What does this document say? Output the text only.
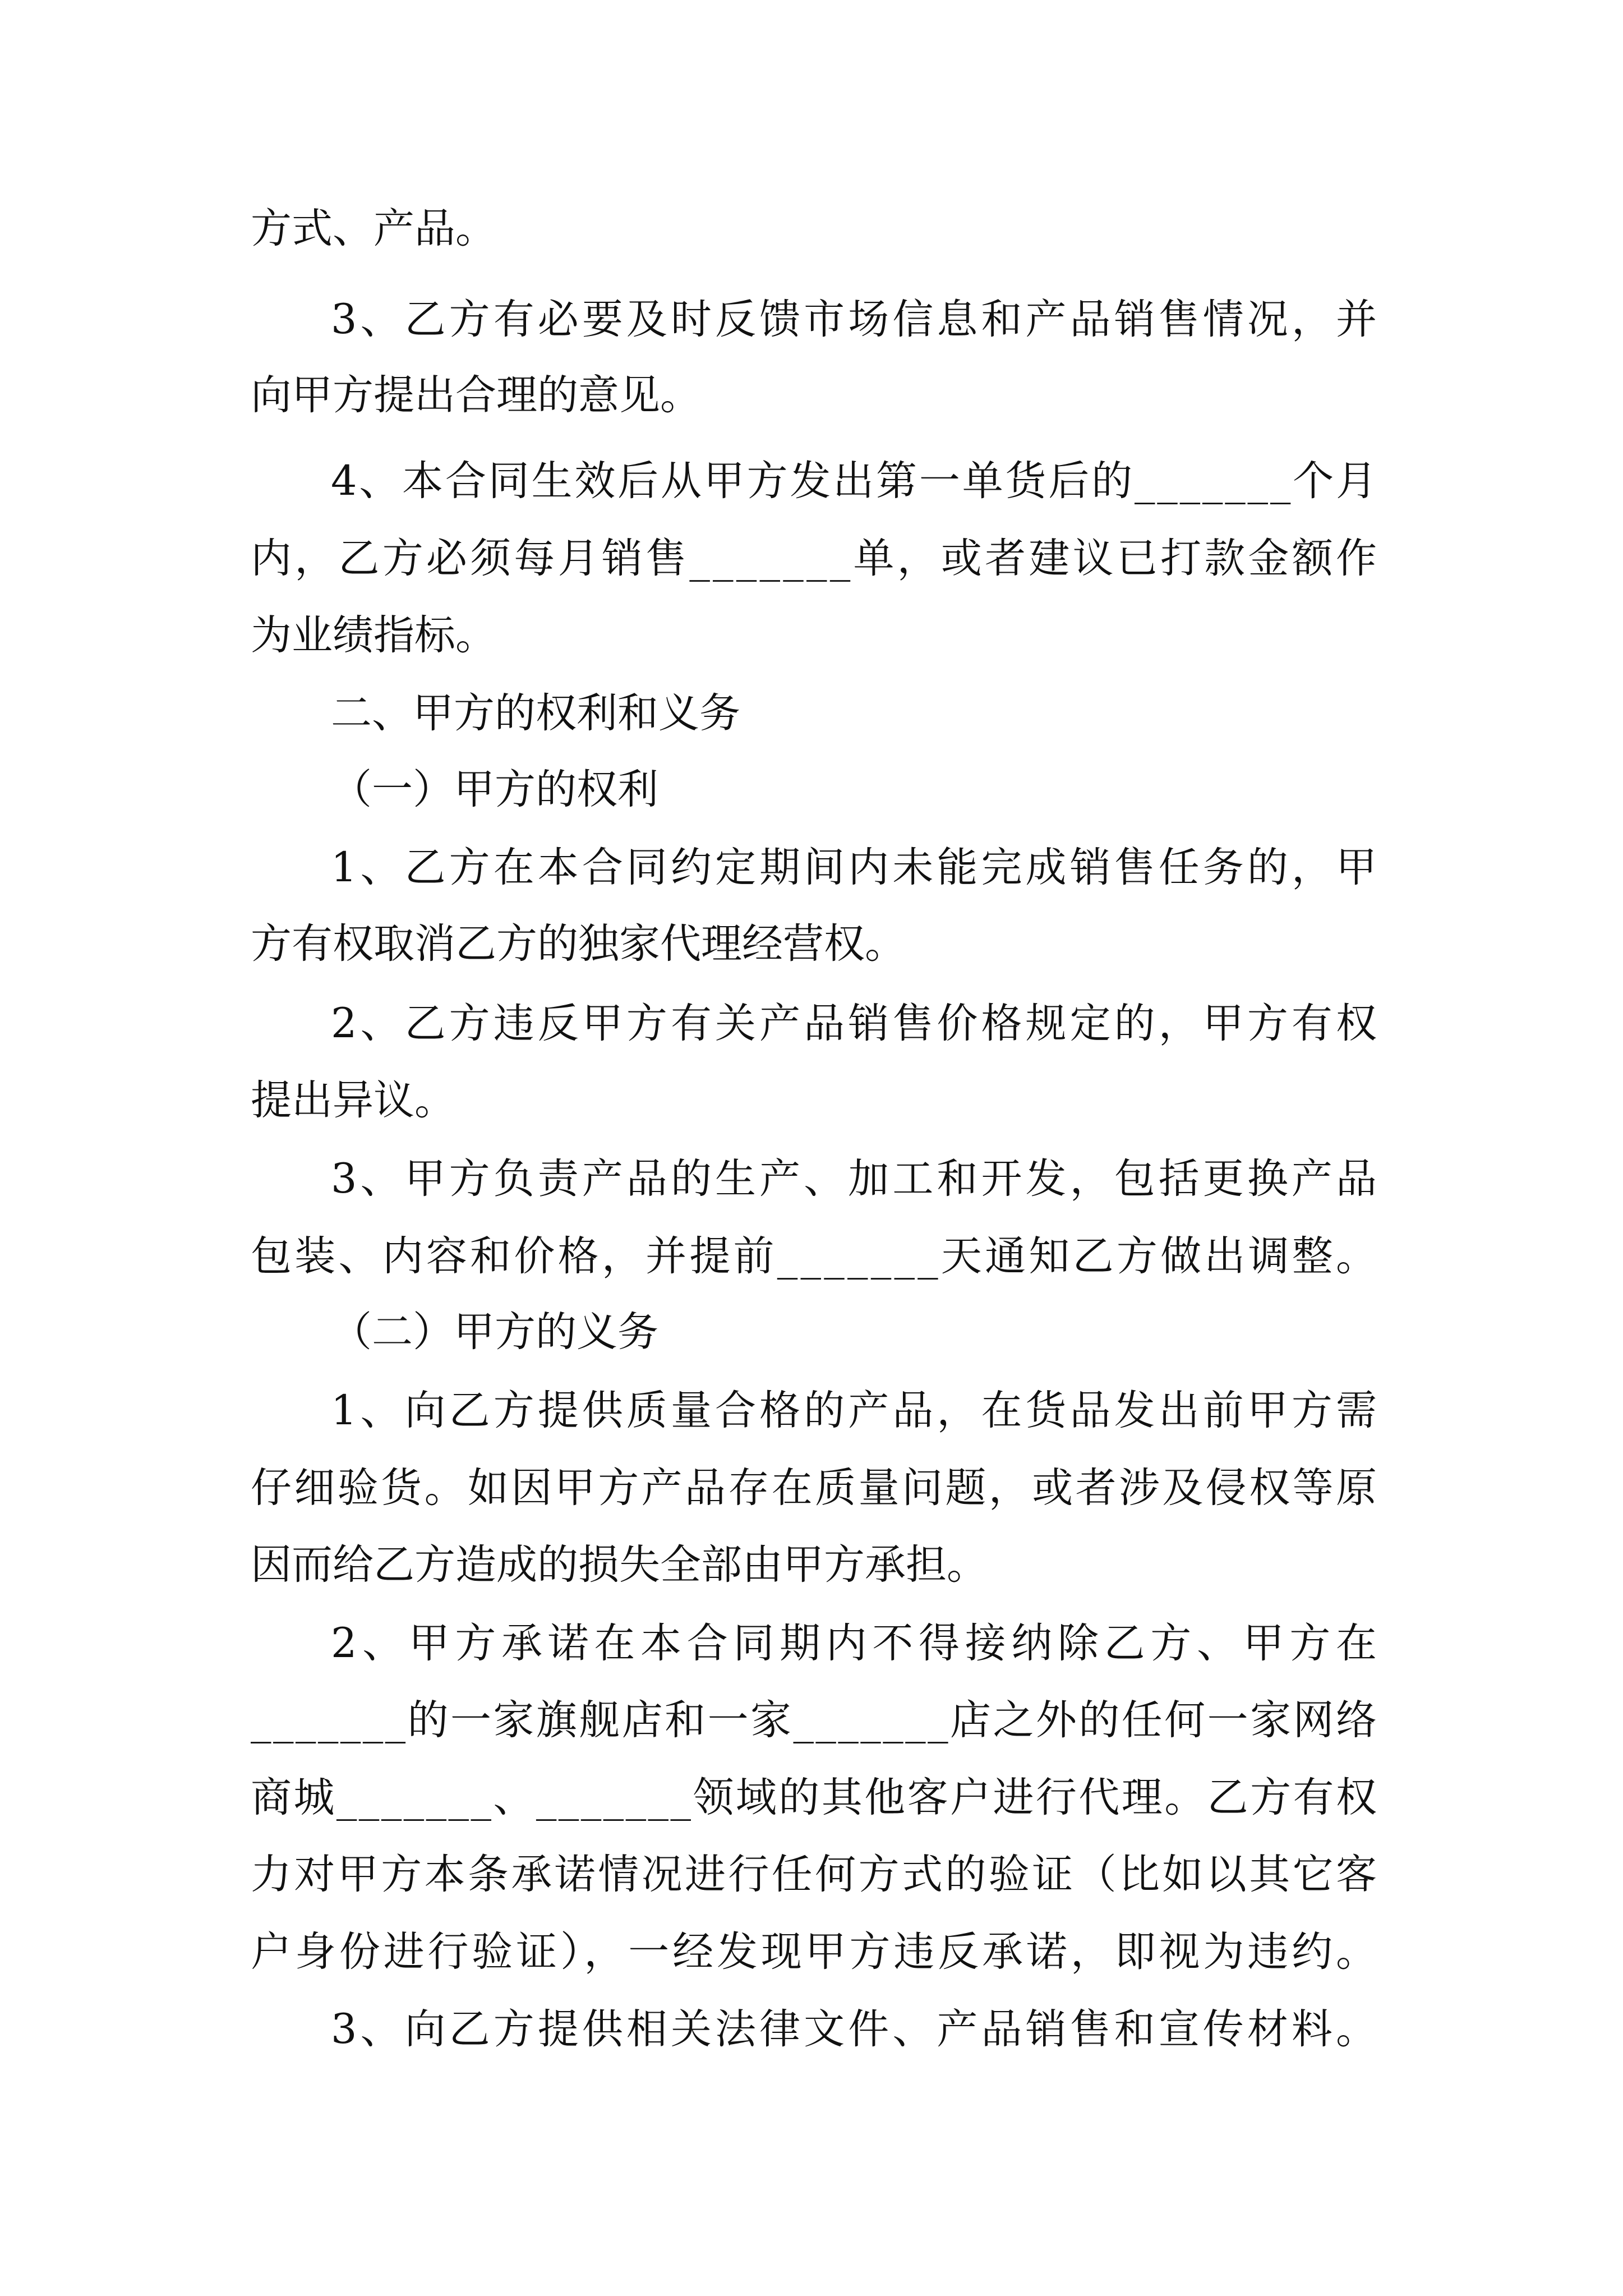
方式、产品。
3、乙方有必要及时反馈市场信息和产品销售情况，并
向甲方提出合理的意见。
4、本合同生效后从甲方发出第一单货后的_______个月
内，乙方必须每月销售_______单，或者建议已打款金额作
为业绩指标。
二、甲方的权利和义务
（一）甲方的权利
1、乙方在本合同约定期间内未能完成销售任务的，甲
方有权取消乙方的独家代理经营权。
2、乙方违反甲方有关产品销售价格规定的，甲方有权
提出异议。
3、甲方负责产品的生产、加工和开发，包括更换产品
包装、内容和价格，并提前_______天通知乙方做出调整。
（二）甲方的义务
1、向乙方提供质量合格的产品，在货品发出前甲方需
仔细验货。如因甲方产品存在质量问题，或者涉及侵权等原
因而给乙方造成的损失全部由甲方承担。
2、甲方承诺在本合同期内不得接纳除乙方、甲方在
_______的一家旗舰店和一家_______店之外的任何一家网络
商城_______、_______领域的其他客户进行代理。乙方有权
力对甲方本条承诺情况进行任何方式的验证（比如以其它客
户身份进行验证），一经发现甲方违反承诺，即视为违约。
3、向乙方提供相关法律文件、产品销售和宣传材料。
